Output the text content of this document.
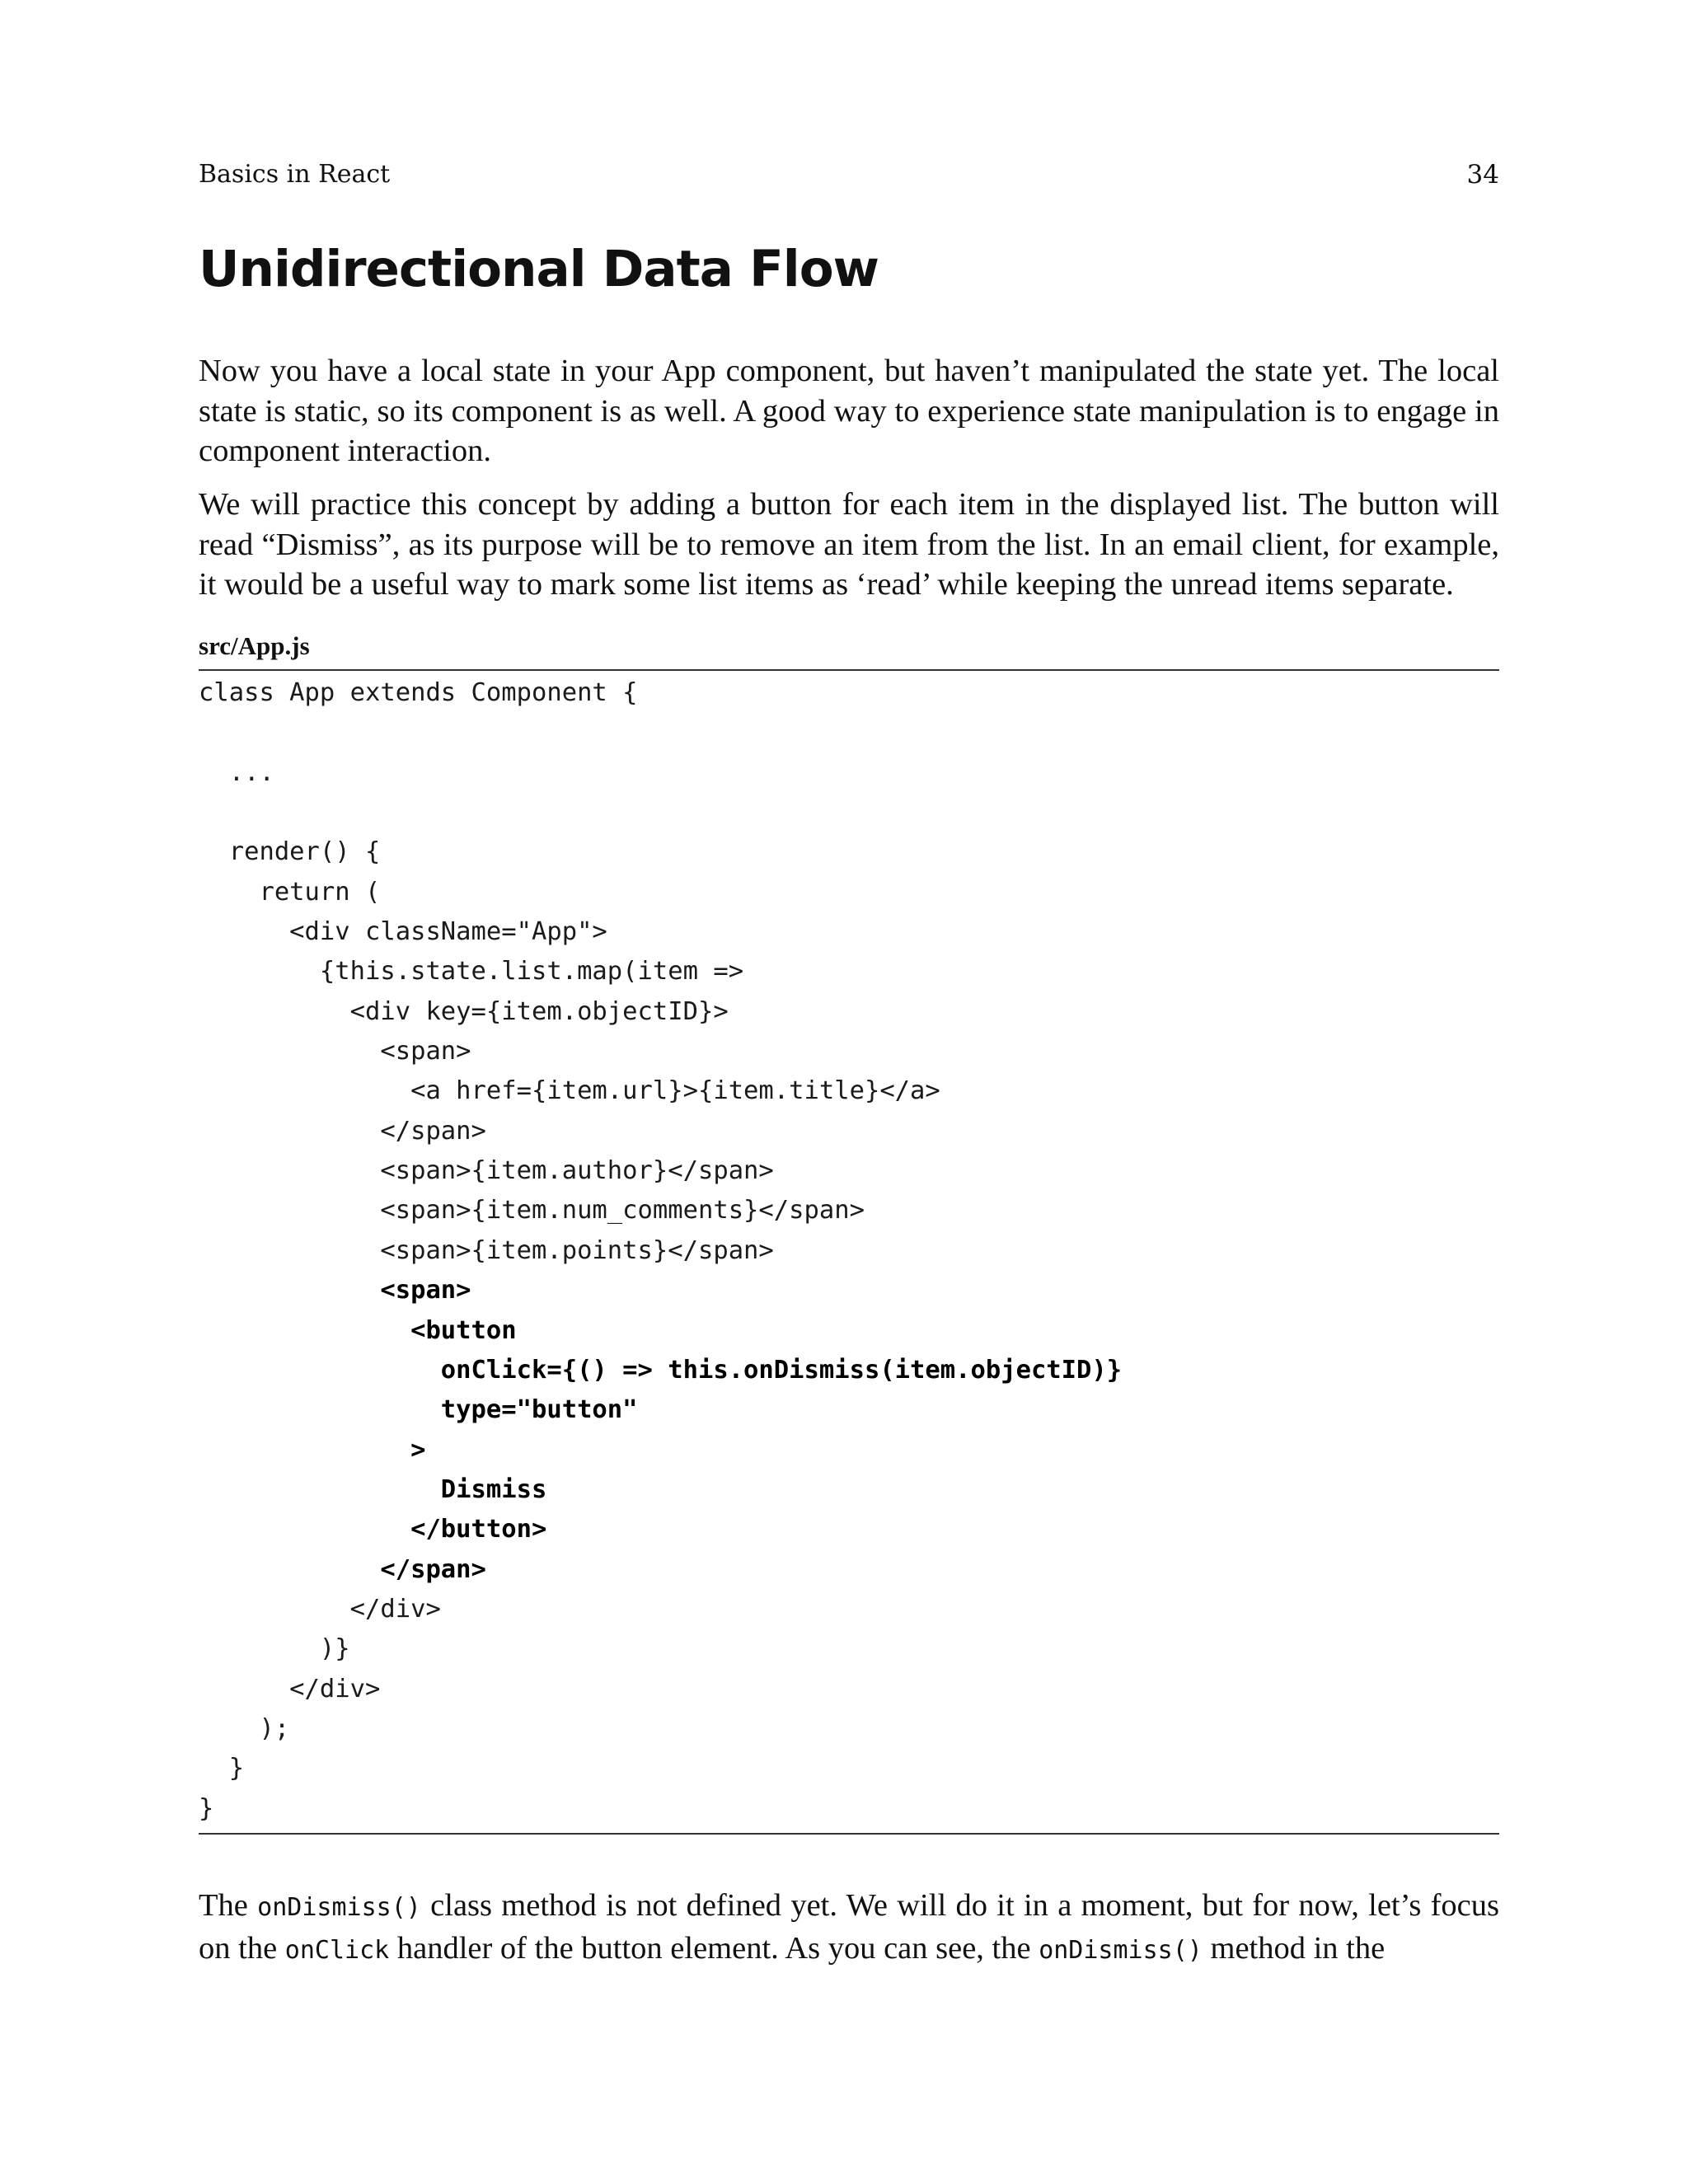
Basics in React	34
Unidirectional Data Flow

Now you have a local state in your App component, but haven’t manipulated the state yet. The local state is static, so its component is as well. A good way to experience state manipulation is to engage in component interaction.

We will practice this concept by adding a button for each item in the displayed list. The button will read “Dismiss”, as its purpose will be to remove an item from the list. In an email client, for example, it would be a useful way to mark some list items as ‘read’ while keeping the unread items separate.

src/App.js
class App extends Component {
...
render() {
return (
<div className="App">
{this.state.list.map(item =>
<div key={item.objectID}>
<span>
<a href={item.url}>{item.title}</a>
</span>
<span>{item.author}</span>
<span>{item.num_comments}</span>
<span>{item.points}</span>
<span>
<button
onClick={() => this.onDismiss(item.objectID)}
type="button"
>
Dismiss
</button>
</span>
</div>
)}
</div>
);
}
}

The onDismiss() class method is not defined yet. We will do it in a moment, but for now, let’s focus on the onClick handler of the button element. As you can see, the onDismiss() method in the
